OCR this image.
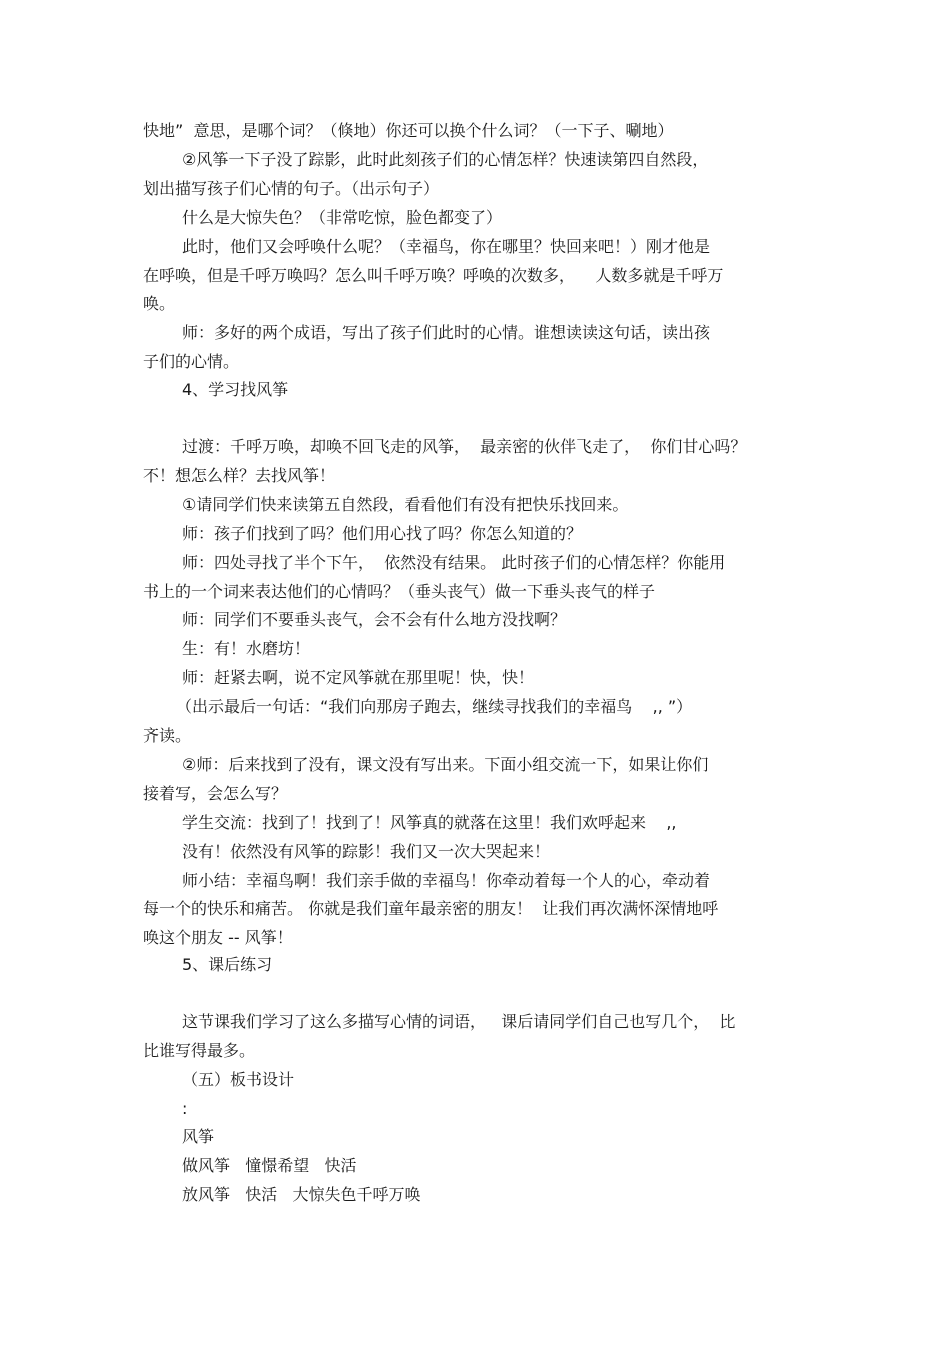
快地”  意思，是哪个词？（倏地）你还可以换个什么词？（一下子、唰地）
②风筝一下子没了踪影，此时此刻孩子们的心情怎样？快速读第四自然段，
划出描写孩子们心情的句子。（出示句子）
什么是大惊失色？（非常吃惊，脸色都变了）
此时，他们又会呼唤什么呢？（幸福鸟，你在哪里？快回来吧！）刚才他是
在呼唤，但是千呼万唤吗？怎么叫千呼万唤？呼唤的次数多，    人数多就是千呼万
唤。
师：多好的两个成语，写出了孩子们此时的心情。谁想读读这句话，读出孩
子们的心情。
4、学习找风筝
过渡：千呼万唤，却唤不回飞走的风筝，  最亲密的伙伴飞走了，  你们甘心吗？
不！想怎么样？去找风筝！
①请同学们快来读第五自然段，看看他们有没有把快乐找回来。
师：孩子们找到了吗？他们用心找了吗？你怎么知道的？
师：四处寻找了半个下午，  依然没有结果。 此时孩子们的心情怎样？你能用
书上的一个词来表达他们的心情吗？（垂头丧气）做一下垂头丧气的样子
师：同学们不要垂头丧气，会不会有什么地方没找啊？
生：有！水磨坊！
师：赶紧去啊，说不定风筝就在那里呢！快，快！
（出示最后一句话：“我们向那房子跑去，继续寻找我们的幸福鸟    ,, ”）
齐读。
②师：后来找到了没有，课文没有写出来。下面小组交流一下，如果让你们
接着写，会怎么写？
学生交流：找到了！找到了！风筝真的就落在这里！我们欢呼起来    ,,
没有！依然没有风筝的踪影！我们又一次大哭起来！
师小结：幸福鸟啊！我们亲手做的幸福鸟！你牵动着每一个人的心，牵动着
每一个的快乐和痛苦。 你就是我们童年最亲密的朋友！  让我们再次满怀深情地呼
唤这个朋友 -- 风筝！
5、课后练习
这节课我们学习了这么多描写心情的词语，   课后请同学们自己也写几个，  比
比谁写得最多。
（五）板书设计
:
风筝
做风筝   憧憬希望   快活
放风筝   快活   大惊失色千呼万唤
